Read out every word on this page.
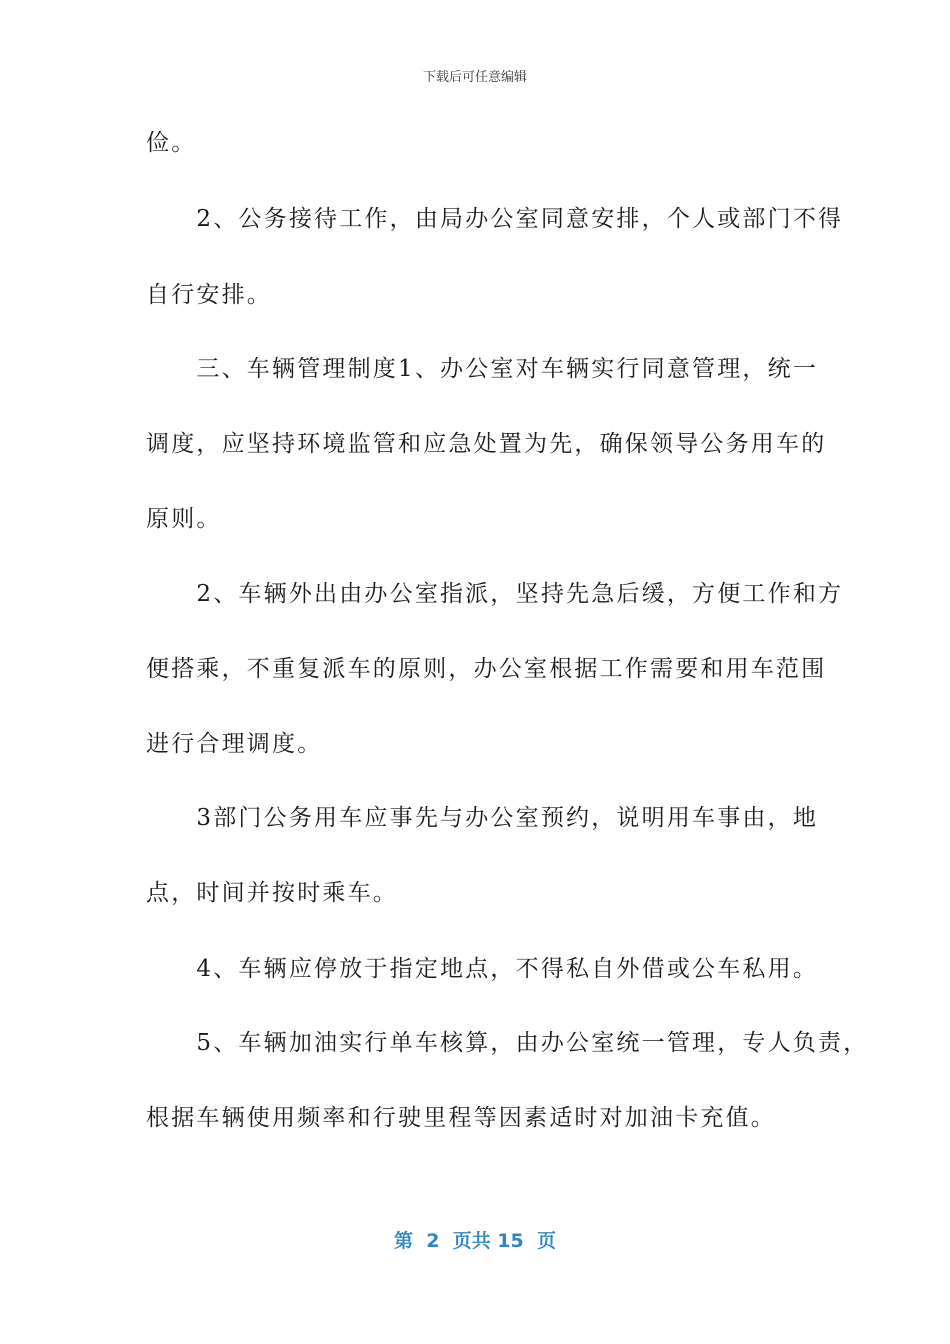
下载后可任意编辑
俭。
　　2、公务接待工作，由局办公室同意安排，个人或部门不得
自行安排。
　　三、车辆管理制度1、办公室对车辆实行同意管理，统一
调度，应坚持环境监管和应急处置为先，确保领导公务用车的
原则。
　　2、车辆外出由办公室指派，坚持先急后缓，方便工作和方
便搭乘，不重复派车的原则，办公室根据工作需要和用车范围
进行合理调度。
　　3部门公务用车应事先与办公室预约，说明用车事由，地
点，时间并按时乘车。
　　4、车辆应停放于指定地点，不得私自外借或公车私用。
　　5、车辆加油实行单车核算，由办公室统一管理，专人负责，
根据车辆使用频率和行驶里程等因素适时对加油卡充值。
第  2  页共 15  页
